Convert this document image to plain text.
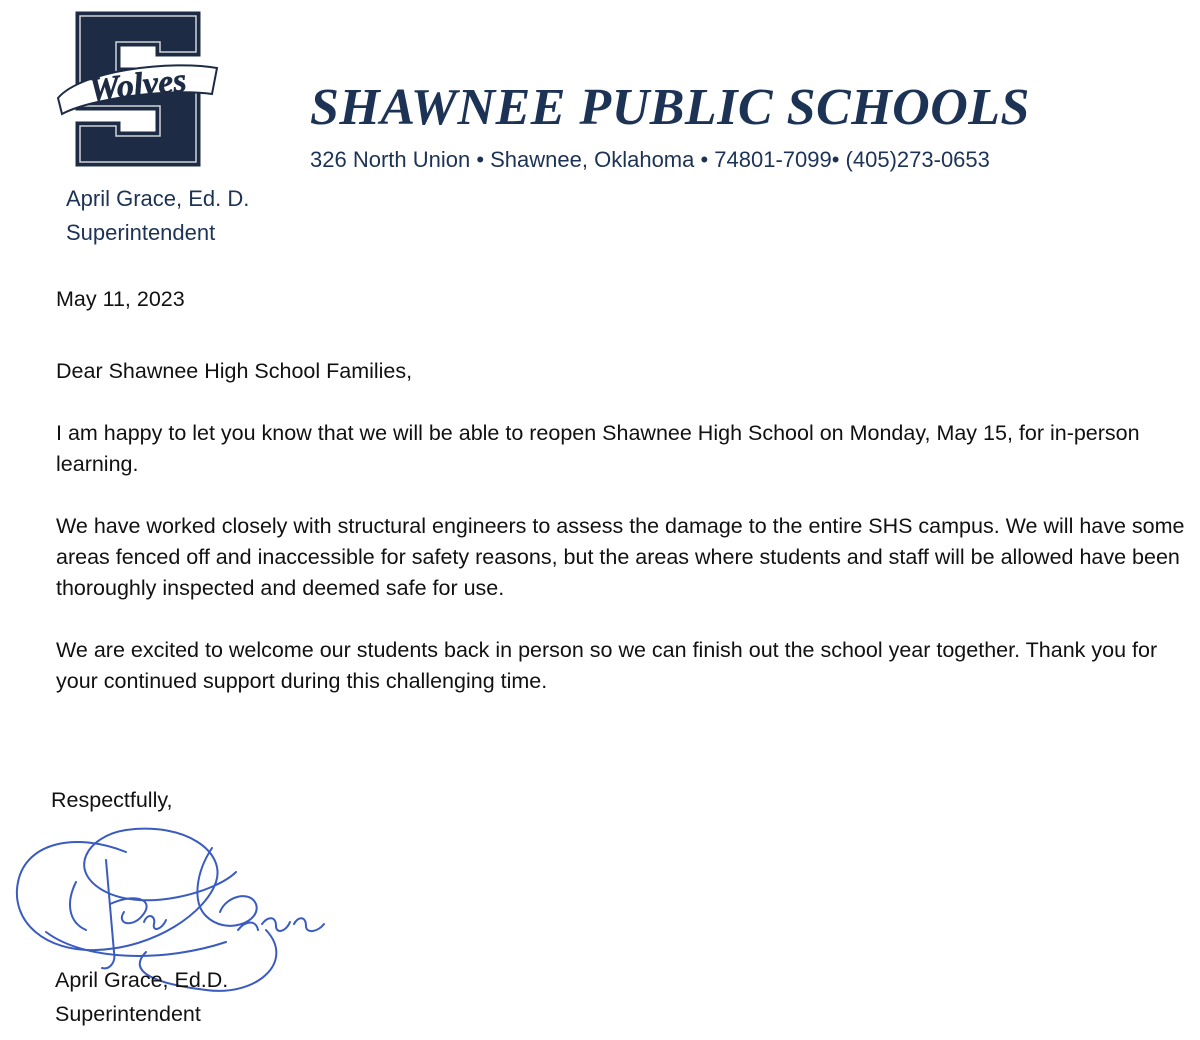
Wolves SHAWNEE PUBLIC SCHOOLS
326 North Union • Shawnee, Oklahoma • 74801-7099• (405)273-0653
April Grace, Ed. D.
Superintendent

May 11, 2023

Dear Shawnee High School Families,

I am happy to let you know that we will be able to reopen Shawnee High School on Monday, May 15, for in-person learning.

We have worked closely with structural engineers to assess the damage to the entire SHS campus. We will have some areas fenced off and inaccessible for safety reasons, but the areas where students and staff will be allowed have been thoroughly inspected and deemed safe for use.

We are excited to welcome our students back in person so we can finish out the school year together. Thank you for your continued support during this challenging time.

Respectfully,
April Grace, Ed.D.
Superintendent
